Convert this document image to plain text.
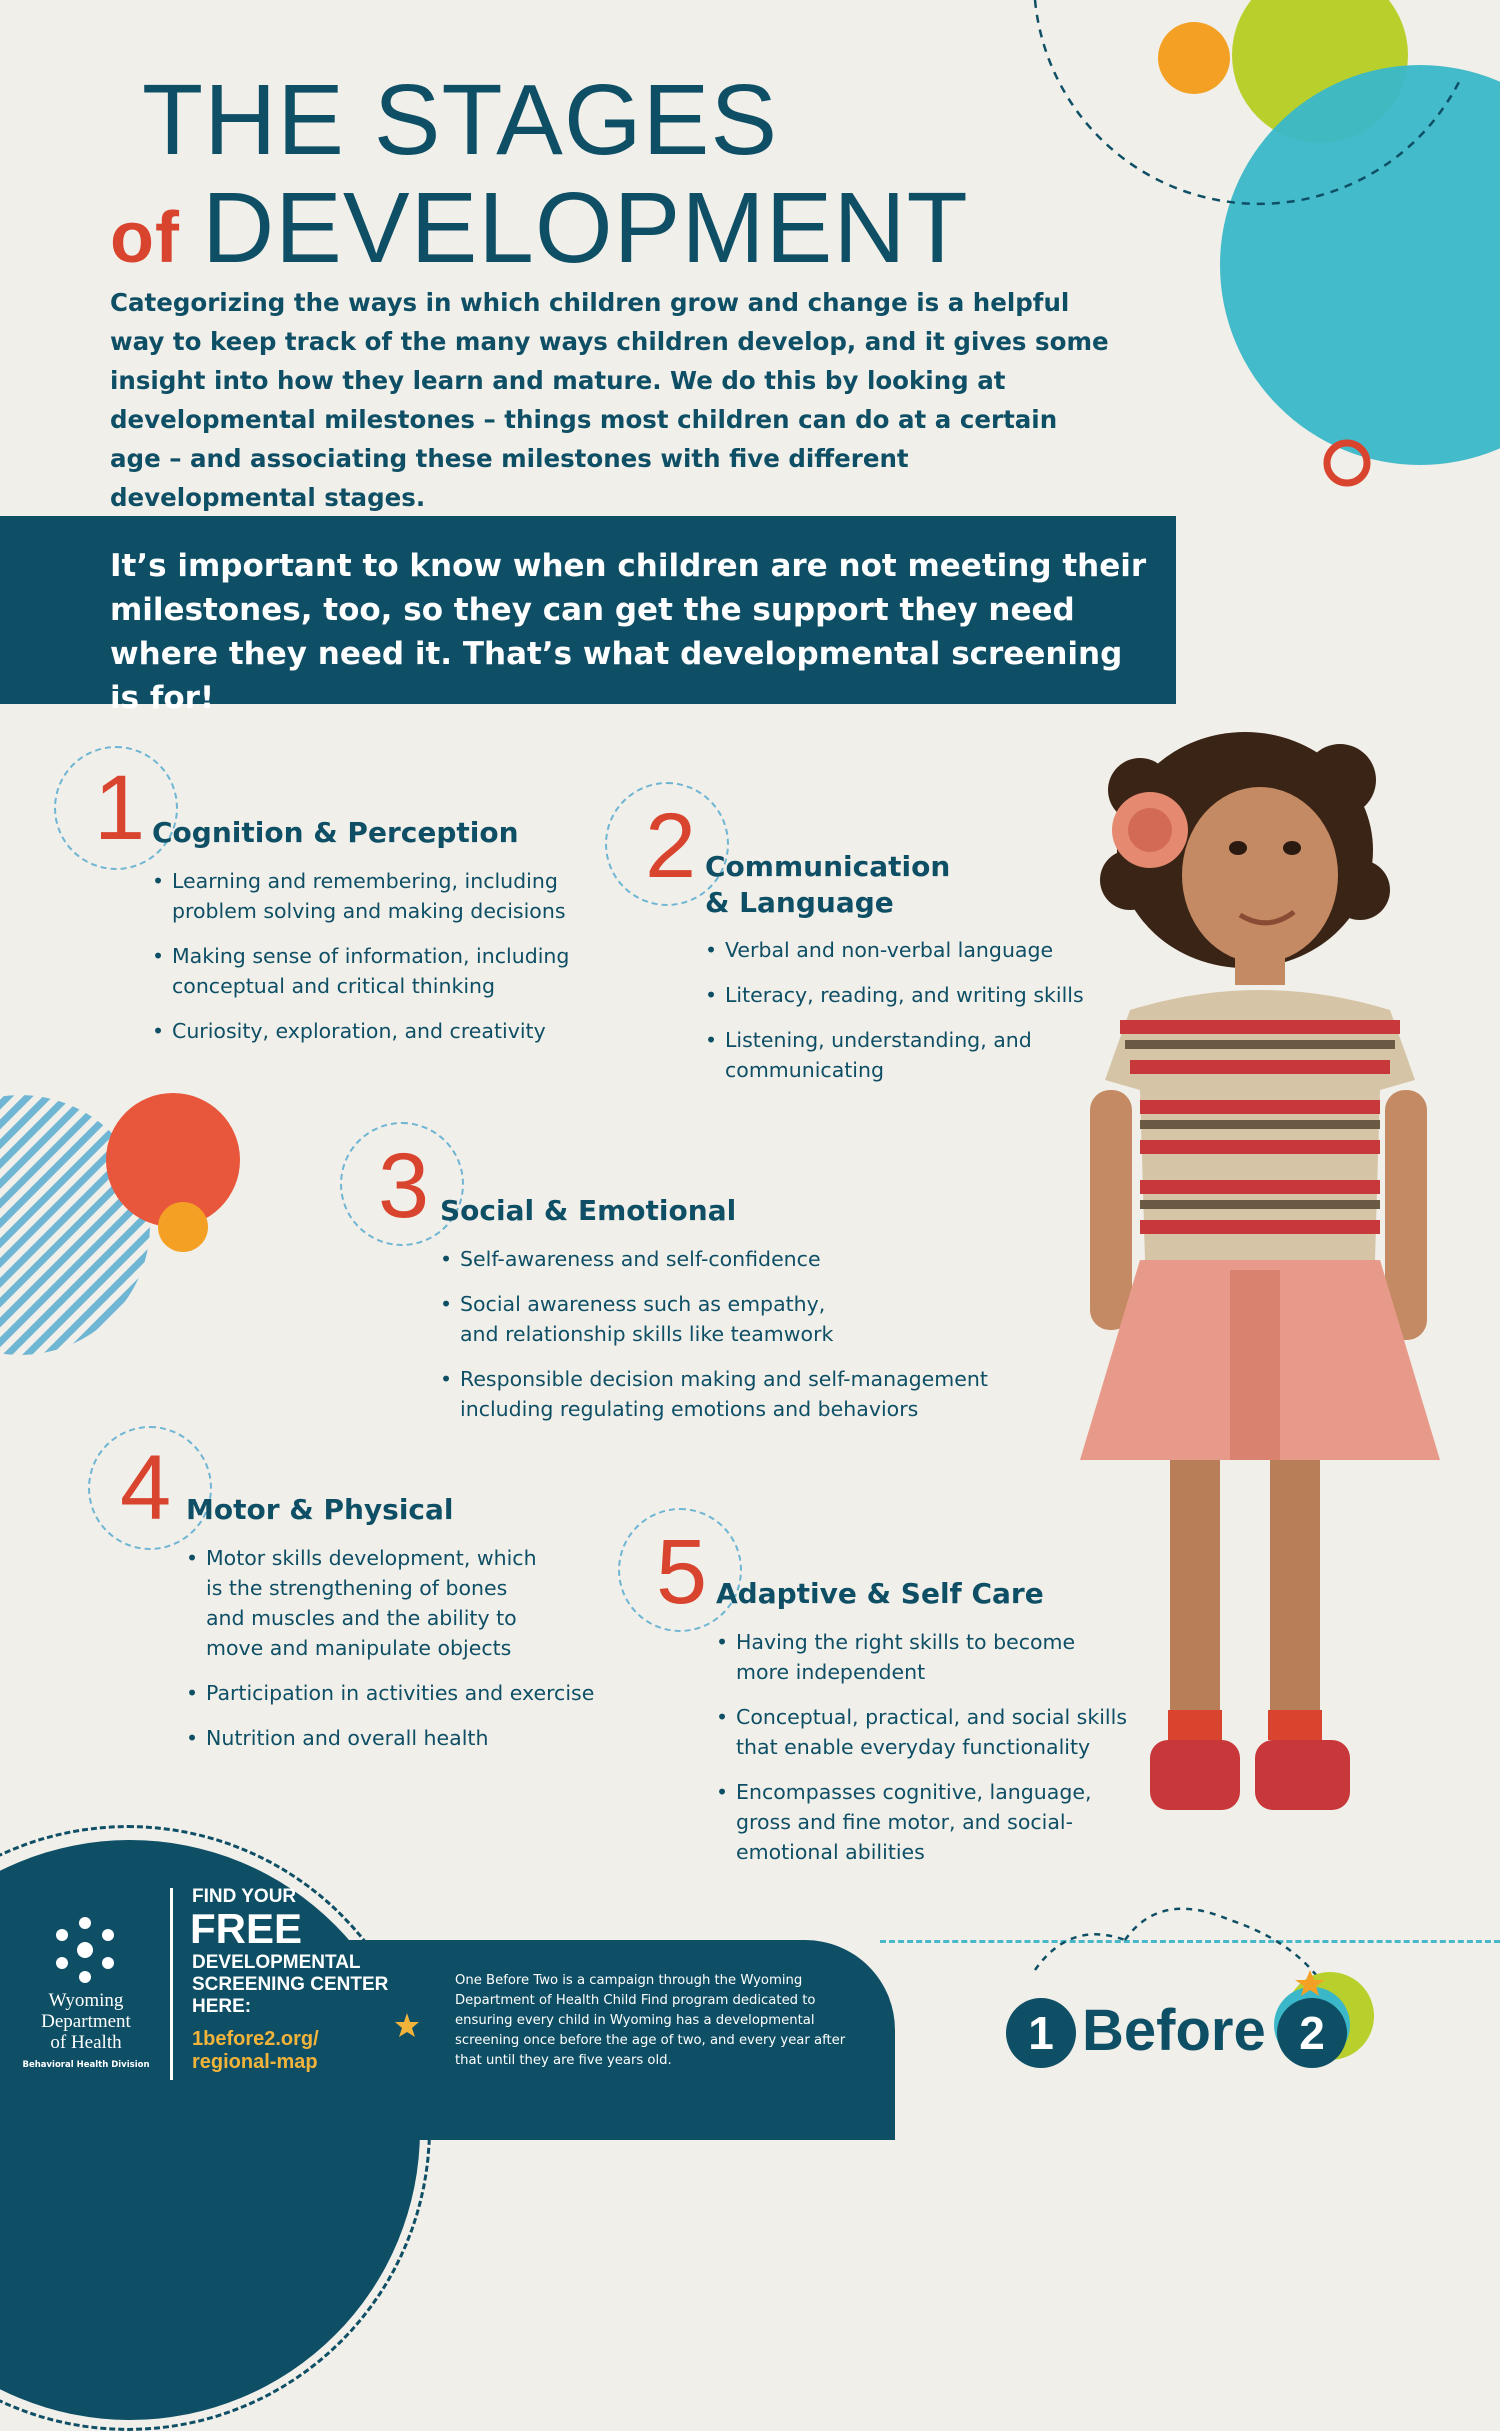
THE STAGES
of DEVELOPMENT

Categorizing the ways in which children grow and change is a helpful way to keep track of the many ways children develop, and it gives some insight into how they learn and mature. We do this by looking at developmental milestones – things most children can do at a certain age – and associating these milestones with five different developmental stages.

It’s important to know when children are not meeting their milestones, too, so they can get the support they need where they need it. That’s what developmental screening is for!

1 Cognition & Perception
• Learning and remembering, including problem solving and making decisions
• Making sense of information, including conceptual and critical thinking
• Curiosity, exploration, and creativity
2 Communication
& Language
• Verbal and non-verbal language
• Literacy, reading, and writing skills
• Listening, understanding, and communicating
3 Social & Emotional
• Self-awareness and self-confidence
• Social awareness such as empathy, and relationship skills like teamwork
• Responsible decision making and self-management including regulating emotions and behaviors
4 Motor & Physical
• Motor skills development, which is the strengthening of bones and muscles and the ability to move and manipulate objects
• Participation in activities and exercise
• Nutrition and overall health
5 Adaptive & Self Care
• Having the right skills to become more independent
• Conceptual, practical, and social skills that enable everyday functionality
• Encompasses cognitive, language, gross and fine motor, and social-emotional abilities
Wyoming
Department
of Health
Behavioral Health Division
FIND YOUR
FREE
DEVELOPMENTAL SCREENING CENTER HERE:
1before2.org/ regional-map

One Before Two is a campaign through the Wyoming Department of Health Child Find program dedicated to ensuring every child in Wyoming has a developmental screening once before the age of two, and every year after that until they are five years old.

1 Before 2
